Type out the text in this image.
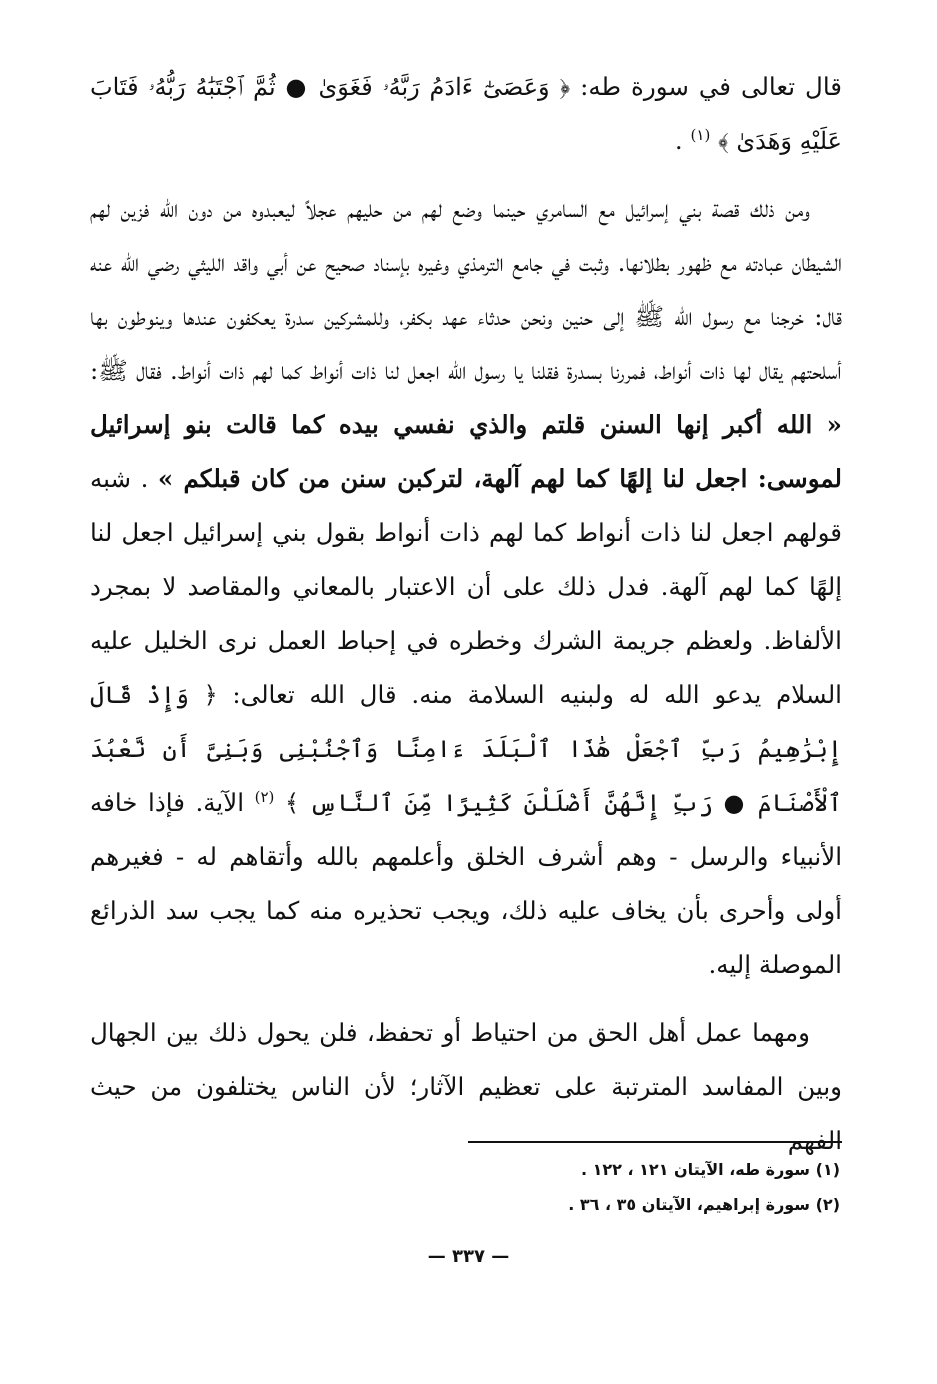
قال تعالى في سورة طه: ﴿ وَعَصَىٰٓ ءَادَمُ رَبَّهُۥ فَغَوَىٰ ● ثُمَّ ٱجْتَبَٰهُ رَبُّهُۥ فَتَابَ عَلَيْهِ وَهَدَىٰ ﴾ $^{(١)}$ .

ومن ذلك قصة بني إسرائيل مع السامري حينما وضع لهم من حليهم عجلاً ليعبدوه من دون الله فزين لهم الشيطان عبادته مع ظهور بطلانها. وثبت في جامع الترمذي وغيره بإسناد صحيح عن أبي واقد الليثي رضي الله عنه قال: خرجنا مع رسول الله ﷺ إلى حنين ونحن حدثاء عهد بكفر، وللمشركين سدرة يعكفون عندها وينوطون بها أسلحتهم يقال لها ذات أنواط، فمررنا بسدرة فقلنا يا رسول الله اجعل لنا ذات أنواط كما لهم ذات أنواط. فقال ﷺ: « الله أكبر إنها السنن قلتم والذي نفسي بيده كما قالت بنو إسرائيل لموسى: اجعل لنا إلهًا كما لهم آلهة، لتركبن سنن من كان قبلكم » . شبه قولهم اجعل لنا ذات أنواط كما لهم ذات أنواط بقول بني إسرائيل اجعل لنا إلهًا كما لهم آلهة. فدل ذلك على أن الاعتبار بالمعاني والمقاصد لا بمجرد الألفاظ. ولعظم جريمة الشرك وخطره في إحباط العمل نرى الخليل عليه السلام يدعو الله له ولبنيه السلامة منه. قال الله تعالى: ﴿ وَإِذْ قَالَ إِبْرَٰهِيمُ رَبِّ ٱجْعَلْ هَٰذَا ٱلْبَلَدَ ءَامِنًا وَٱجْنُبْنِى وَبَنِىَّ أَن نَّعْبُدَ ٱلْأَصْنَامَ ● رَبِّ إِنَّهُنَّ أَضْلَلْنَ كَثِيرًا مِّنَ ٱلنَّاسِ ﴾ $^{(٢)}$ الآية. فإذا خافه الأنبياء والرسل - وهم أشرف الخلق وأعلمهم بالله وأتقاهم له - فغيرهم أولى وأحرى بأن يخاف عليه ذلك، ويجب تحذيره منه كما يجب سد الذرائع الموصلة إليه.

ومهما عمل أهل الحق من احتياط أو تحفظ، فلن يحول ذلك بين الجهال وبين المفاسد المترتبة على تعظيم الآثار؛ لأن الناس يختلفون من حيث الفهم

(١) سورة طه، الآيتان ١٢١ ، ١٢٢ .
(٢) سورة إبراهيم، الآيتان ٣٥ ، ٣٦ .
— ٣٣٧ —
